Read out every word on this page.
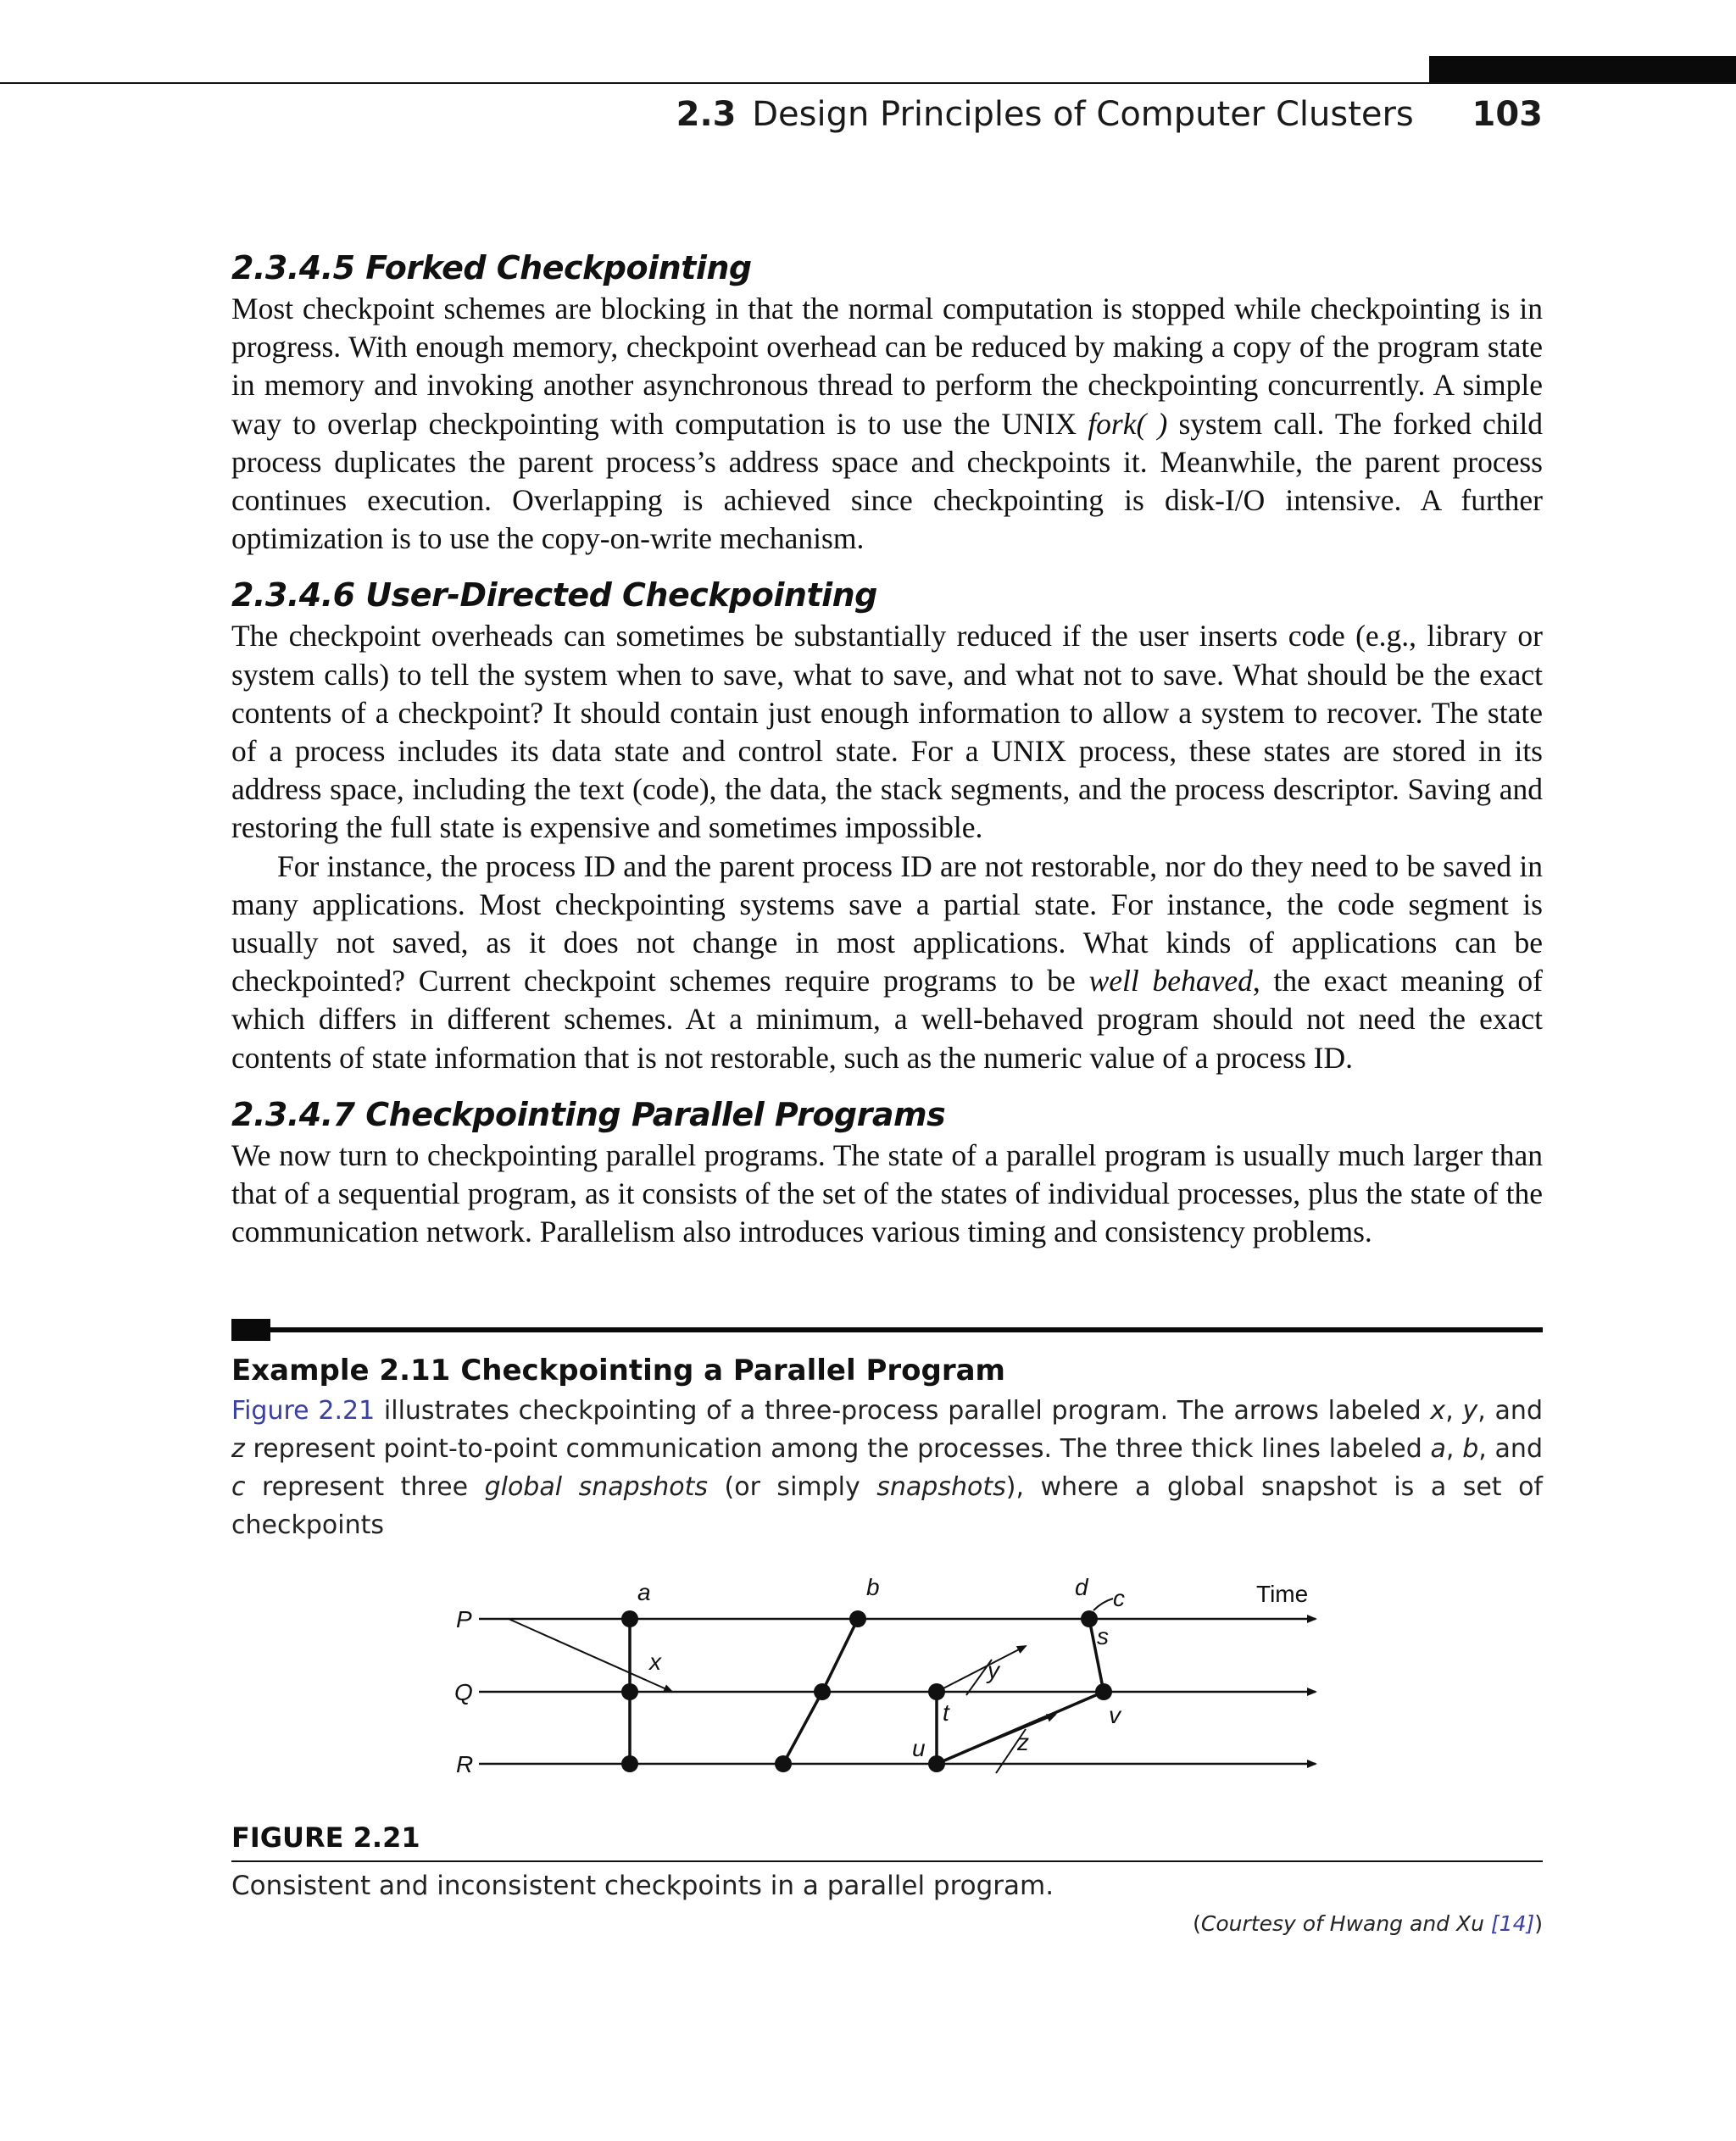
2.3 Design Principles of Computer Clusters 103
2.3.4.5 Forked Checkpointing

Most checkpoint schemes are blocking in that the normal computation is stopped while checkpointing is in progress. With enough memory, checkpoint overhead can be reduced by making a copy of the program state in memory and invoking another asynchronous thread to perform the checkpointing concurrently. A simple way to overlap checkpointing with computation is to use the UNIX fork( ) system call. The forked child process duplicates the parent process’s address space and checkpoints it. Meanwhile, the parent process continues execution. Overlapping is achieved since checkpointing is disk-I/O intensive. A further optimization is to use the copy-on-write mechanism.

2.3.4.6 User-Directed Checkpointing

The checkpoint overheads can sometimes be substantially reduced if the user inserts code (e.g., library or system calls) to tell the system when to save, what to save, and what not to save. What should be the exact contents of a checkpoint? It should contain just enough information to allow a system to recover. The state of a process includes its data state and control state. For a UNIX process, these states are stored in its address space, including the text (code), the data, the stack segments, and the process descriptor. Saving and restoring the full state is expensive and sometimes impossible.

For instance, the process ID and the parent process ID are not restorable, nor do they need to be saved in many applications. Most checkpointing systems save a partial state. For instance, the code segment is usually not saved, as it does not change in most applications. What kinds of applications can be checkpointed? Current checkpoint schemes require programs to be well behaved, the exact meaning of which differs in different schemes. At a minimum, a well-behaved program should not need the exact contents of state information that is not restorable, such as the numeric value of a process ID.

2.3.4.7 Checkpointing Parallel Programs

We now turn to checkpointing parallel programs. The state of a parallel program is usually much larger than that of a sequential program, as it consists of the set of the states of individual processes, plus the state of the communication network. Parallelism also introduces various timing and consistency problems.

Example 2.11 Checkpointing a Parallel Program
Figure 2.21 illustrates checkpointing of a three-process parallel program. The arrows labeled x, y, and z represent point-to-point communication among the processes. The three thick lines labeled a, b, and c represent three global snapshots (or simply snapshots), where a global snapshot is a set of checkpoints
P
Q
R
Time
a	b	d c
x	y
z
s
t
u
v
FIGURE 2.21
Consistent and inconsistent checkpoints in a parallel program.
(Courtesy of Hwang and Xu [14])
